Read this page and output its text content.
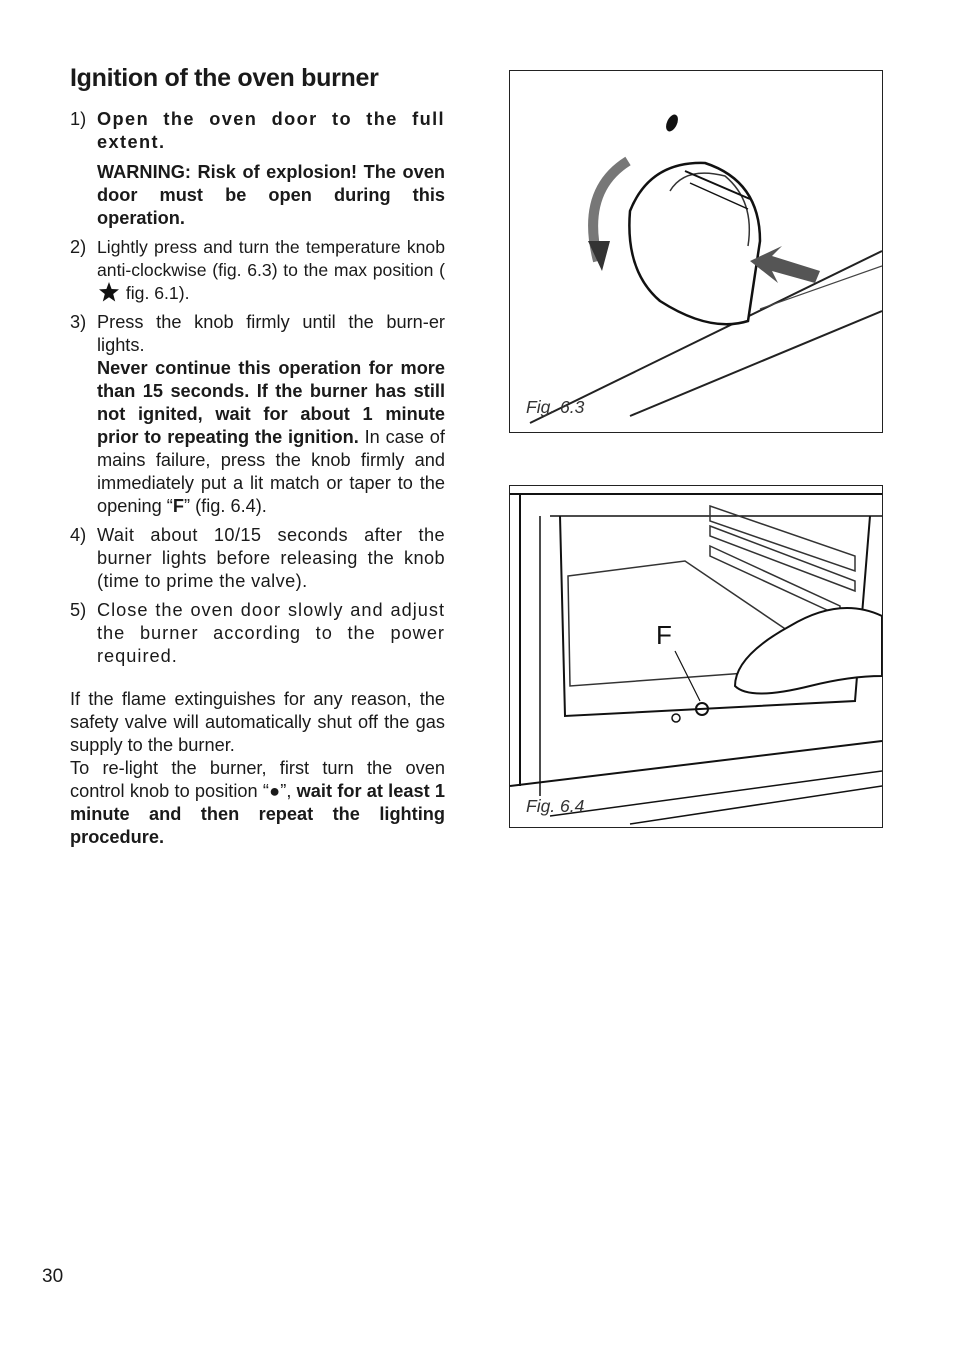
Ignition of the oven burner
1) Open the oven door to the full extent.
WARNING: Risk of explosion! The oven door must be open during this operation.
2) Lightly press and turn the temperature knob anti-clockwise (fig. 6.3) to the max position ( fig. 6.1).
3) Press the knob firmly until the burn-er lights.
Never continue this operation for more than 15 seconds. If the burner has still not ignited, wait for about 1 minute prior to repeating the ignition. In case of mains failure, press the knob firmly and immediately put a lit match or taper to the opening “F” (fig. 6.4).
4) Wait about 10/15 seconds after the burner lights before releasing the knob (time to prime the valve).
5) Close the oven door slowly and adjust the burner according to the power required.
If the flame extinguishes for any reason, the safety valve will automatically shut off the gas supply to the burner.
To re-light the burner, first turn the oven control knob to position “●”, wait for at least 1 minute and then repeat the lighting procedure.
Fig. 6.3
F
Fig. 6.4
30
